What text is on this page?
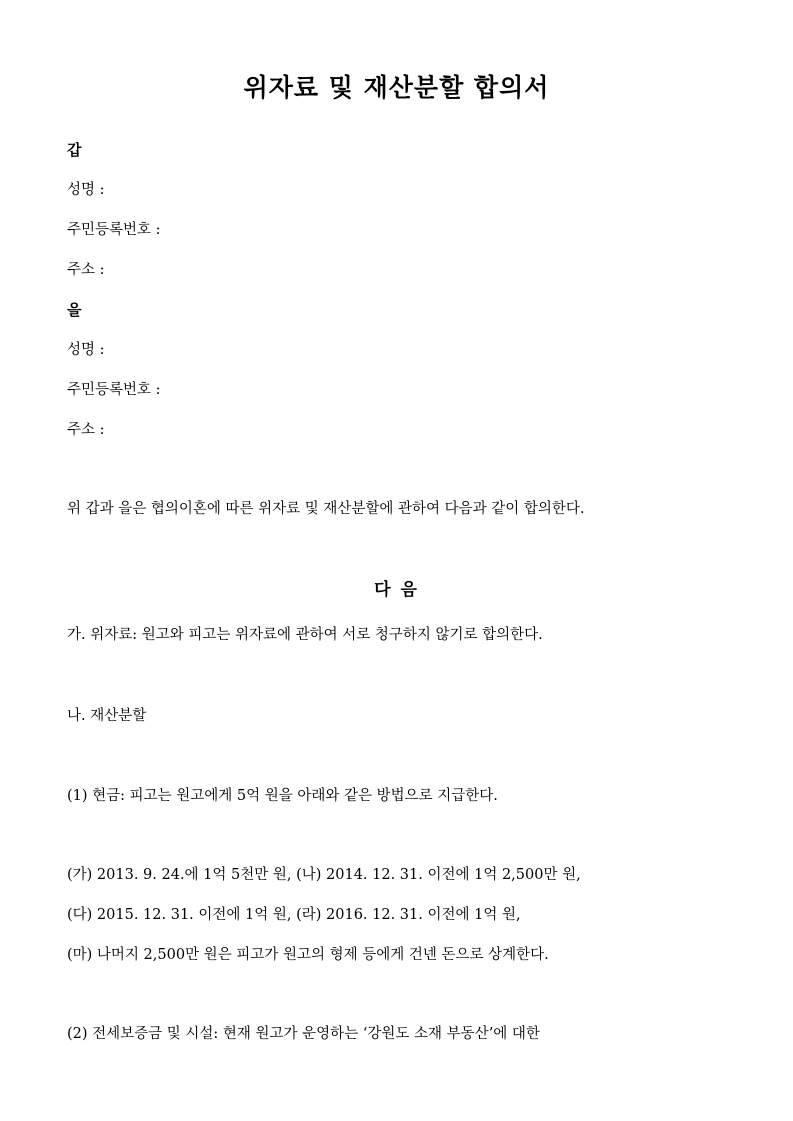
위자료 및 재산분할 합의서
갑
성명 :
주민등록번호 :
주소 :
을
성명 :
주민등록번호 :
주소 :
위 갑과 을은 협의이혼에 따른 위자료 및 재산분할에 관하여 다음과 같이 합의한다.
다 음
가. 위자료: 원고와 피고는 위자료에 관하여 서로 청구하지 않기로 합의한다.
나. 재산분할
(1) 현금: 피고는 원고에게 5억 원을 아래와 같은 방법으로 지급한다.
(가) 2013. 9. 24.에 1억 5천만 원, (나) 2014. 12. 31. 이전에 1억 2,500만 원,
(다) 2015. 12. 31. 이전에 1억 원, (라) 2016. 12. 31. 이전에 1억 원,
(마) 나머지 2,500만 원은 피고가 원고의 형제 등에게 건넨 돈으로 상계한다.
(2) 전세보증금 및 시설: 현재 원고가 운영하는 ‘강원도 소재 부동산’에 대한
